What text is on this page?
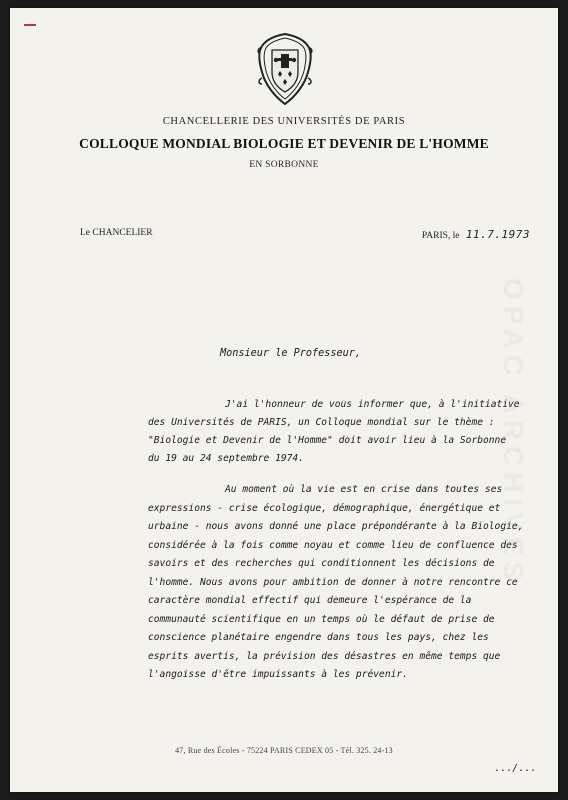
CHANCELLERIE DES UNIVERSITÉS DE PARIS
COLLOQUE MONDIAL BIOLOGIE ET DEVENIR DE L'HOMME
EN SORBONNE
Le CHANCELIER	PARIS, le 11.7.1973
Monsieur le Professeur,
J'ai l'honneur de vous informer que, à l'initiative
des Universités de PARIS, un Colloque mondial sur le thème :
"Biologie et Devenir de l'Homme" doit avoir lieu à la Sorbonne
du 19 au 24 septembre 1974.
Au moment où la vie est en crise dans toutes ses
expressions - crise écologique, démographique, énergétique et
urbaine - nous avons donné une place prépondérante à la Biologie,
considérée à la fois comme noyau et comme lieu de confluence des
savoirs et des recherches qui conditionnent les décisions de
l'homme. Nous avons pour ambition de donner à notre rencontre ce
caractère mondial effectif qui demeure l'espérance de la
communauté scientifique en un temps où le défaut de prise de
conscience planétaire engendre dans tous les pays, chez les
esprits avertis, la prévision des désastres en même temps que
l'angoisse d'être impuissants à les prévenir.
OPAC ARCHIVES
47, Rue des Écoles - 75224 PARIS CEDEX 05 - Tél. 325. 24-13
.../...
